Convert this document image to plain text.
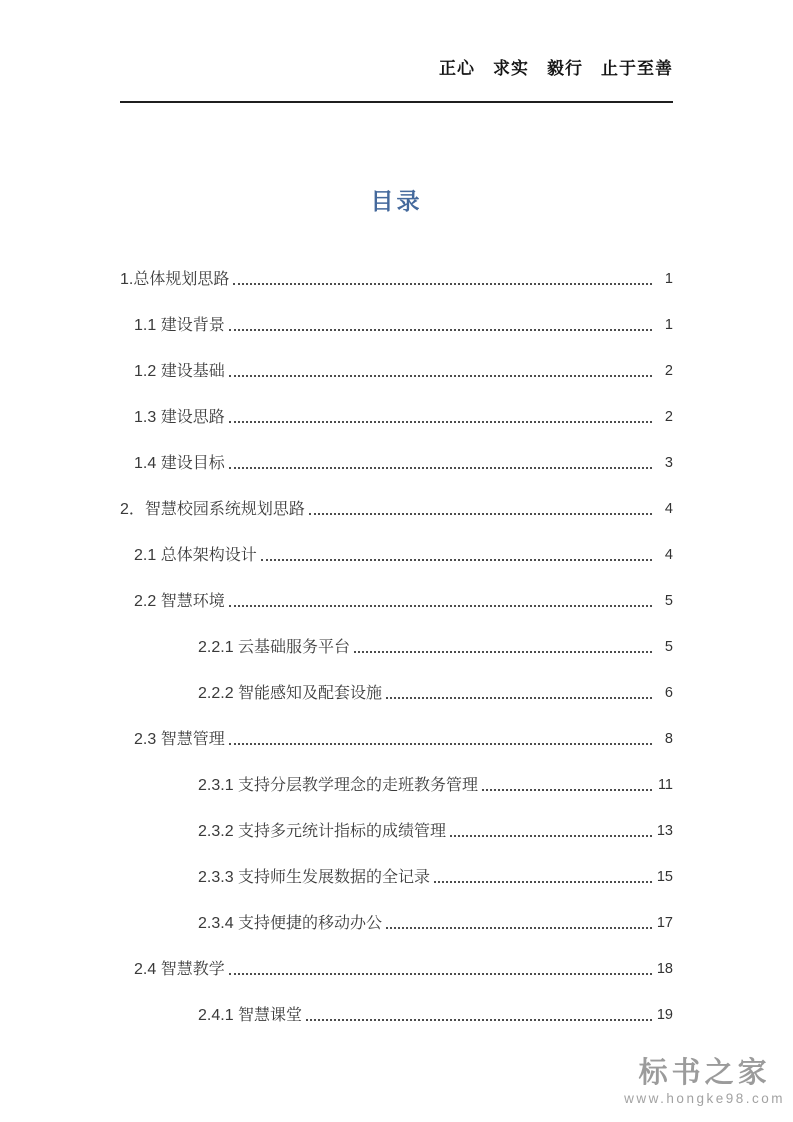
正心　求实　毅行　止于至善
目录
1.总体规划思路	1
1.1 建设背景	1
1.2 建设基础	2
1.3 建设思路	2
1.4 建设目标	3
2．智慧校园系统规划思路	4
2.1 总体架构设计	4
2.2 智慧环境	5
2.2.1 云基础服务平台	5
2.2.2 智能感知及配套设施	6
2.3 智慧管理	8
2.3.1 支持分层教学理念的走班教务管理	11
2.3.2 支持多元统计指标的成绩管理	13
2.3.3 支持师生发展数据的全记录	15
2.3.4 支持便捷的移动办公	17
2.4 智慧教学	18
2.4.1 智慧课堂	19
标书之家
www.hongke98.com
